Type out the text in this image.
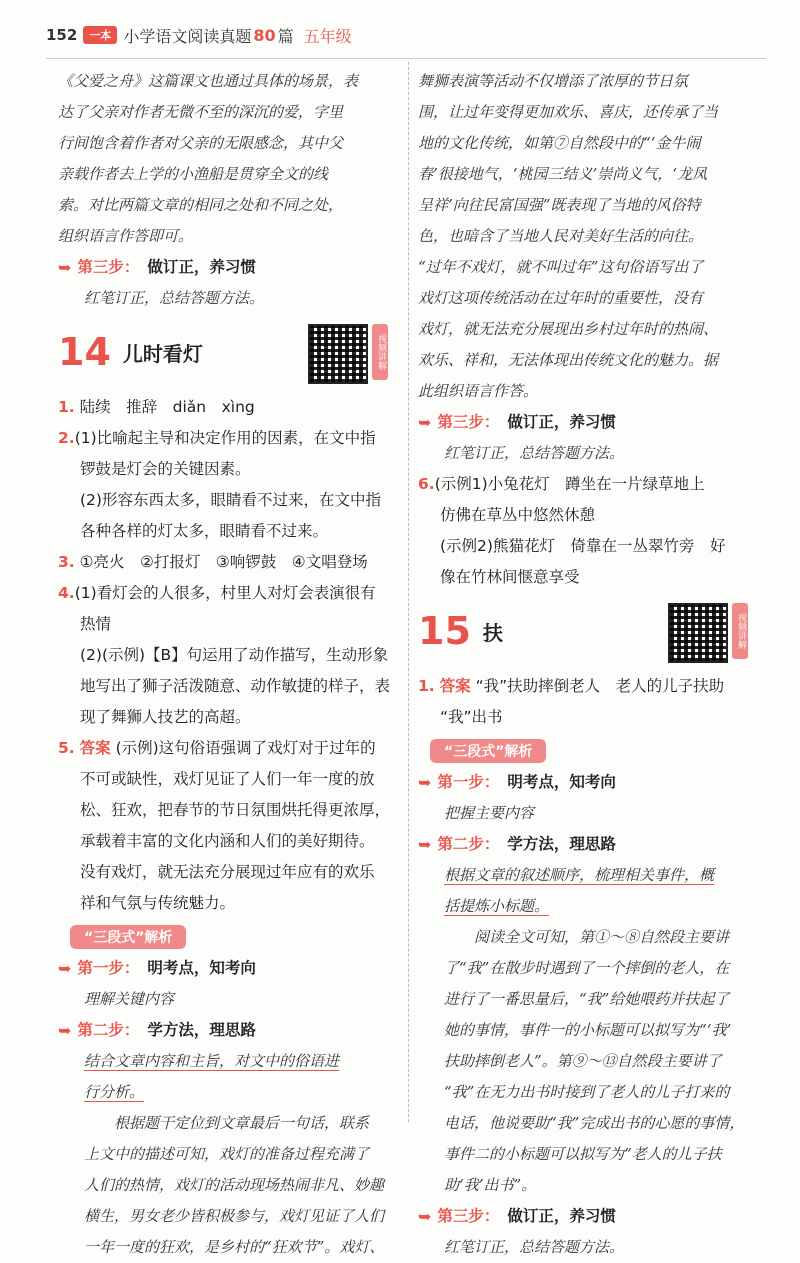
152	一本 小学语文阅读真题 80 篇 五年级
《父爱之舟》这篇课文也通过具体的场景，表
达了父亲对作者无微不至的深沉的爱，字里
行间饱含着作者对父亲的无限感念，其中父
亲载作者去上学的小渔船是贯穿全文的线
索。对比两篇文章的相同之处和不同之处，
组织语言作答即可。
➥ 第三步： 做订正，养习惯
红笔订正，总结答题方法。
14 儿时看灯	视频讲解
1. 陆续　推辞　diǎn　xìng
2.(1)比喻起主导和决定作用的因素，在文中指
锣鼓是灯会的关键因素。
(2)形容东西太多，眼睛看不过来，在文中指
各种各样的灯太多，眼睛看不过来。
3. ①亮火　②打报灯　③响锣鼓　④文唱登场
4.(1)看灯会的人很多，村里人对灯会表演很有
热情
(2)(示例)【B】句运用了动作描写，生动形象
地写出了狮子活泼随意、动作敏捷的样子，表
现了舞狮人技艺的高超。
5. 答案 (示例)这句俗语强调了戏灯对于过年的
不可或缺性，戏灯见证了人们一年一度的放
松、狂欢，把春节的节日氛围烘托得更浓厚，
承载着丰富的文化内涵和人们的美好期待。
没有戏灯，就无法充分展现过年应有的欢乐
祥和气氛与传统魅力。
“三段式”解析
➥ 第一步： 明考点，知考向
理解关键内容
➥ 第二步： 学方法，理思路
结合文章内容和主旨，对文中的俗语进
行分析。
根据题干定位到文章最后一句话，联系
上文中的描述可知，戏灯的准备过程充满了
人们的热情，戏灯的活动现场热闹非凡、妙趣
横生，男女老少皆积极参与，戏灯见证了人们
一年一度的狂欢，是乡村的“狂欢节”。戏灯、
舞狮表演等活动不仅增添了浓厚的节日氛
围，让过年变得更加欢乐、喜庆，还传承了当
地的文化传统，如第⑦自然段中的“‘金牛闹
春’很接地气，‘桃园三结义’崇尚义气，‘龙凤
呈祥’向往民富国强”既表现了当地的风俗特
色，也暗含了当地人民对美好生活的向往。
“过年不戏灯，就不叫过年”这句俗语写出了
戏灯这项传统活动在过年时的重要性，没有
戏灯，就无法充分展现出乡村过年时的热闹、
欢乐、祥和，无法体现出传统文化的魅力。据
此组织语言作答。
➥ 第三步： 做订正，养习惯
红笔订正，总结答题方法。
6.(示例1)小兔花灯　蹲坐在一片绿草地上
仿佛在草丛中悠然休憩
(示例2)熊猫花灯　倚靠在一丛翠竹旁　好
像在竹林间惬意享受
15 扶	视频讲解
1. 答案 “我”扶助摔倒老人　老人的儿子扶助
“我”出书
“三段式”解析
➥ 第一步： 明考点，知考向
把握主要内容
➥ 第二步： 学方法，理思路
根据文章的叙述顺序，梳理相关事件，概
括提炼小标题。
阅读全文可知，第①～⑧自然段主要讲
了“我”在散步时遇到了一个摔倒的老人，在
进行了一番思量后，“我”给她喂药并扶起了
她的事情，事件一的小标题可以拟写为“‘我’
扶助摔倒老人”。第⑨～⑬自然段主要讲了
“我”在无力出书时接到了老人的儿子打来的
电话，他说要助“我”完成出书的心愿的事情，
事件二的小标题可以拟写为“老人的儿子扶
助‘我’出书”。
➥ 第三步： 做订正，养习惯
红笔订正，总结答题方法。
